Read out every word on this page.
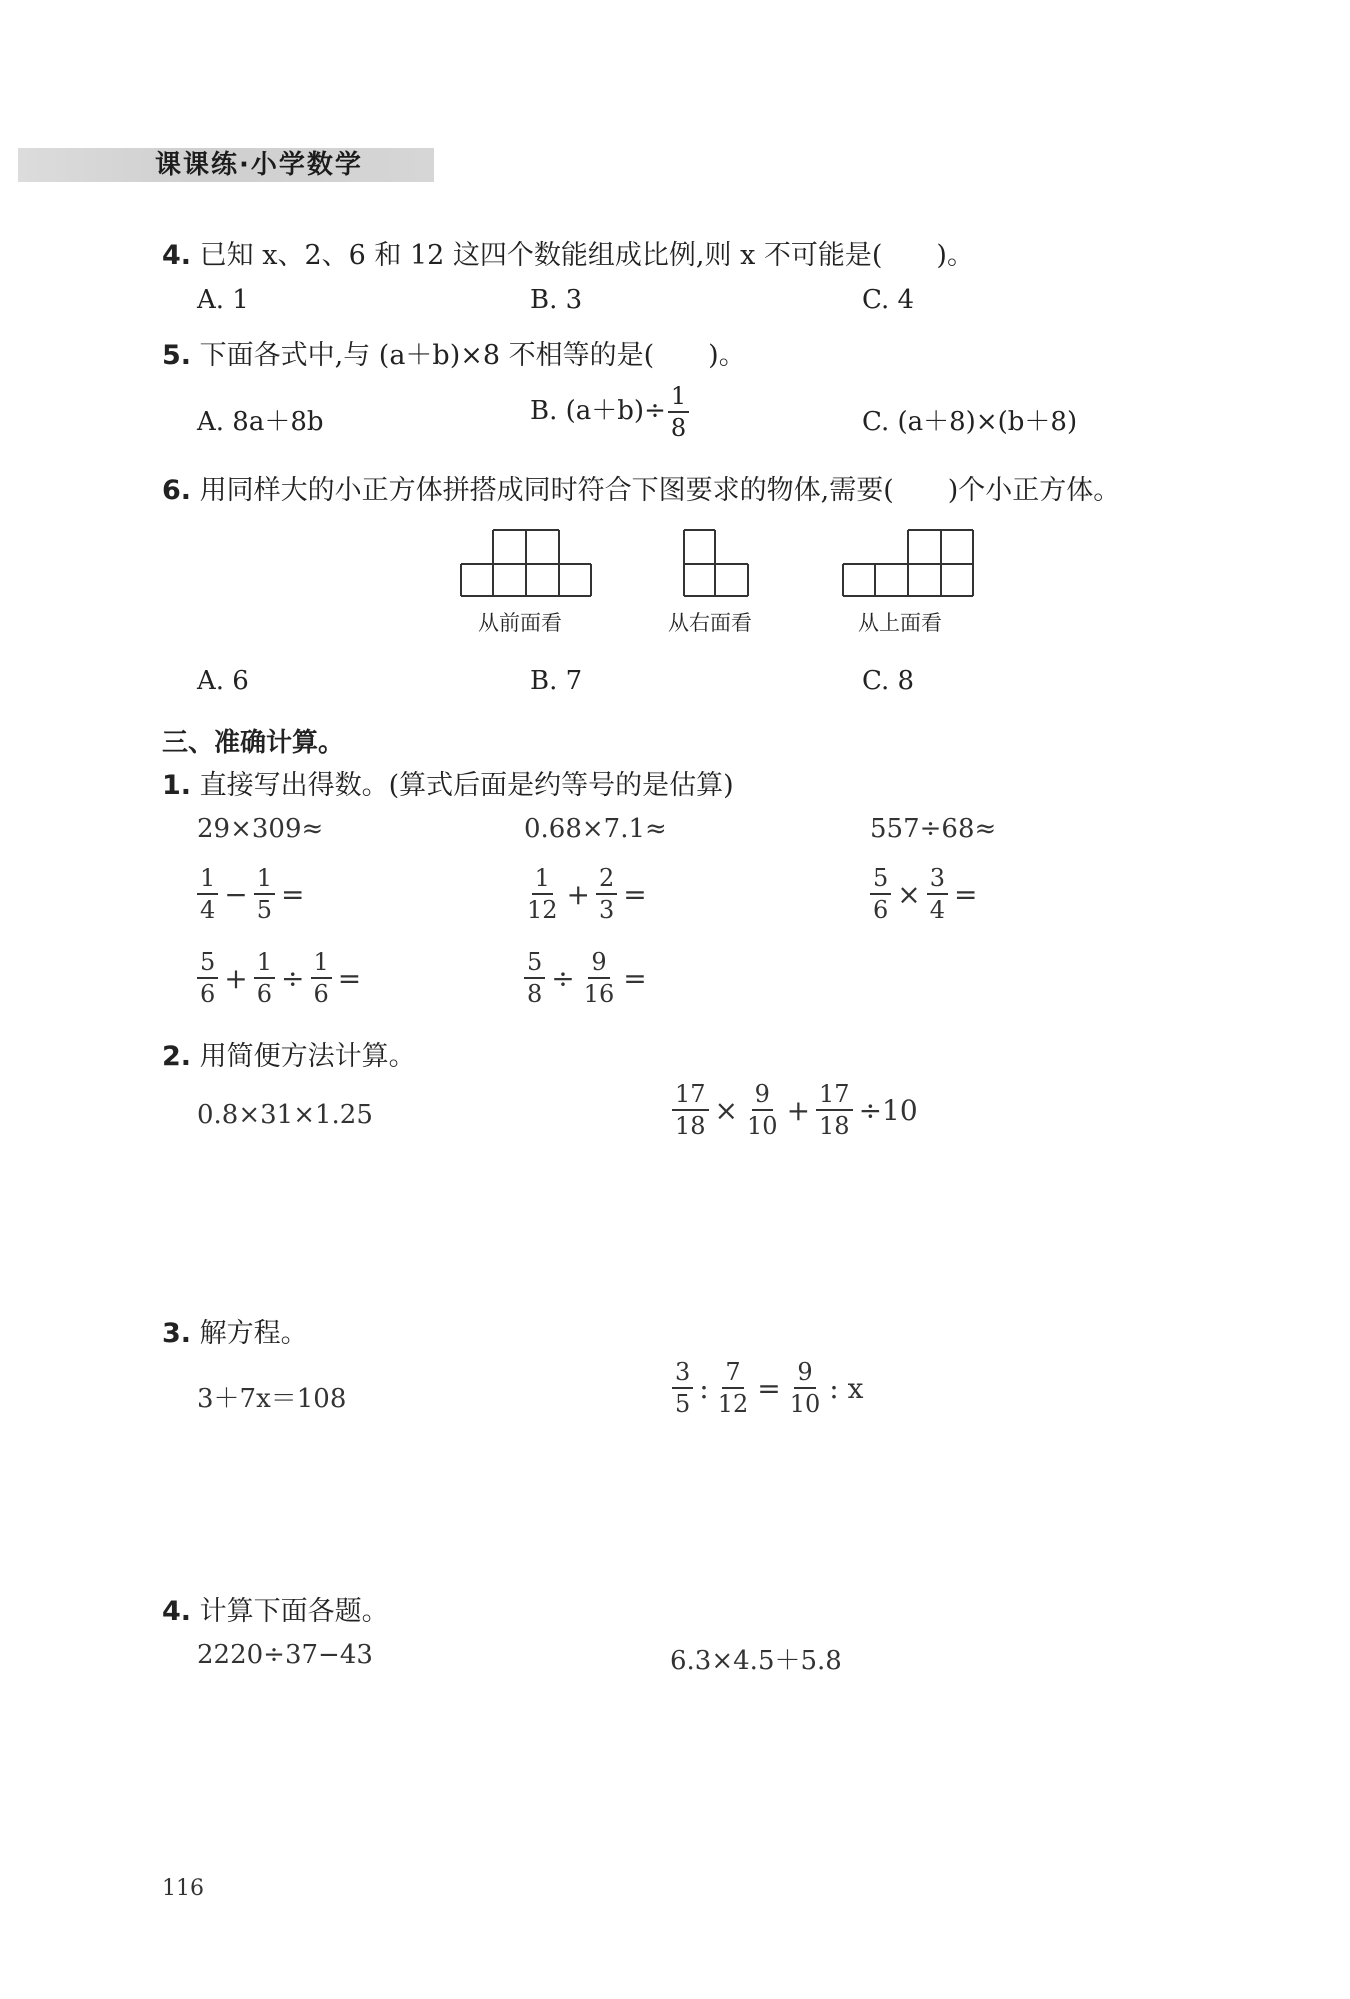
课课练·小学数学
4. 已知 x、2、6 和 12 这四个数能组成比例,则 x 不可能是(　　)。
A. 1	B. 3	C. 4
5. 下面各式中,与 (a＋b)×8 不相等的是(　　)。
A. 8a＋8b	B. $(a+b)\div \frac{1}{8}$	C. (a＋8)×(b＋8)
6. 用同样大的小正方体拼搭成同时符合下图要求的物体,需要(　　)个小正方体。
从前面看	从右面看	从上面看
A. 6	B. 7	C. 8
三、准确计算。
1. 直接写出得数。(算式后面是约等号的是估算)
29×309≈	0.68×7.1≈	557÷68≈
$\frac{1}{4} - \frac{1}{5}$ =	$\frac{1}{12} + \frac{2}{3}$ =	$\frac{5}{6} \times \frac{3}{4}$ =
$\frac{5}{6} + \frac{1}{6} \div \frac{1}{6}$ =	$\frac{5}{8} \div \frac{9}{16}$ =
2. 用简便方法计算。
0.8×31×1.25	$\frac{17}{18} \times \frac{9}{10} + \frac{17}{18} \div 10$
3. 解方程。
3＋7x＝108	$\frac{3}{5}$ : $\frac{7}{12} = \frac{9}{10}$ : x
4. 计算下面各题。
2220÷37−43	6.3×4.5＋5.8
116
